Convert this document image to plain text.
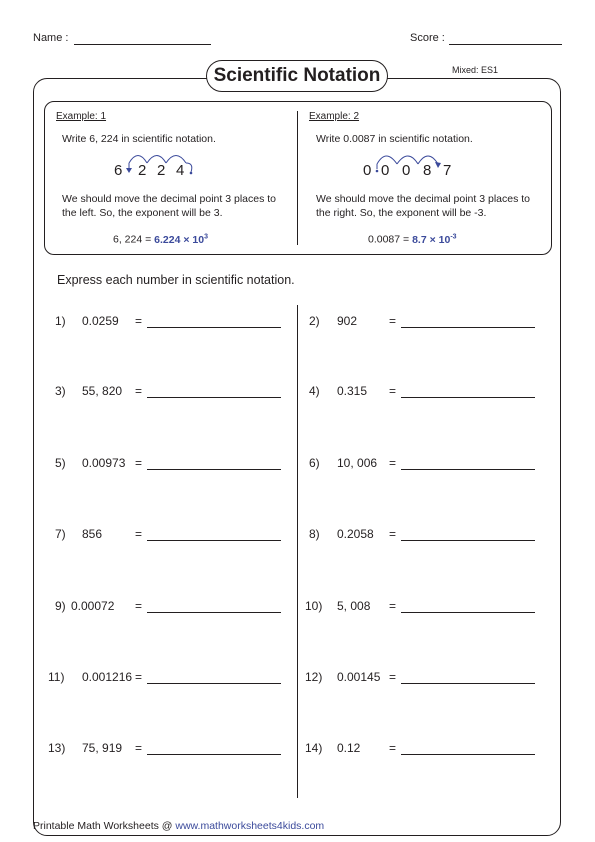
Name :	Score :
Scientific Notation	Mixed: ES1
Example: 1
Write 6, 224 in scientific notation.
6 2 2 4
We should move the decimal point 3 places to
the left. So, the exponent will be 3.
6, $224 = 6.224 \times 10^3$
Example: 2
Write 0.0087 in scientific notation.
0 0 0 8 7
We should move the decimal point 3 places to
the right. So, the exponent will be -3.
$0.0087 = 8.7 \times 10^{-3}$
Express each number in scientific notation.
1) 0.0259 =
3) 55, 820 =
5) 0.00973 =
7) 856	=
9) 0.00072 =
11) 0.001216 =
13) 75, 919 =
2) 902	=
4) 0.315 =
6) 10, 006 =
8) 0.2058 =
10) 5, 008 =
12) 0.00145 =
14) 0.12 =
Printable Math Worksheets @ www.mathworksheets4kids.com
